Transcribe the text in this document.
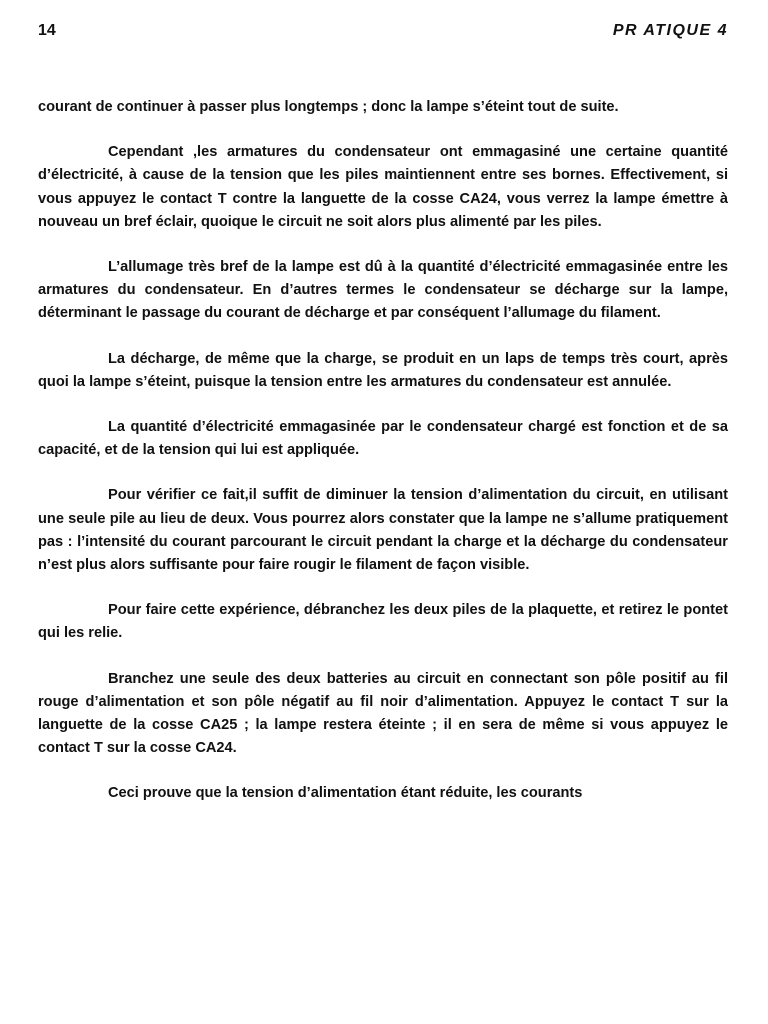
14	PR ATIQUE 4

courant de continuer à passer plus longtemps ; donc la lampe s’éteint tout de suite.

Cependant ,les armatures du condensateur ont emmagasiné une certaine quantité d’électricité, à cause de la tension que les piles maintiennent entre ses bornes. Effectivement, si vous appuyez le contact T contre la languette de la cosse CA24, vous verrez la lampe émettre à nouveau un bref éclair, quoique le circuit ne soit alors plus alimenté par les piles.

L’allumage très bref de la lampe est dû à la quantité d’électricité emmagasinée entre les armatures du condensateur. En d’autres termes le condensateur se décharge sur la lampe, déterminant le passage du courant de décharge et par conséquent l’allumage du filament.

La décharge, de même que la charge, se produit en un laps de temps très court, après quoi la lampe s’éteint, puisque la tension entre les armatures du condensateur est annulée.

La quantité d’électricité emmagasinée par le condensateur chargé est fonction et de sa capacité, et de la tension qui lui est appliquée.

Pour vérifier ce fait,il suffit de diminuer la tension d’alimentation du circuit, en utilisant une seule pile au lieu de deux. Vous pourrez alors constater que la lampe ne s’allume pratiquement pas : l’intensité du courant parcourant le circuit pendant la charge et la décharge du condensateur n’est plus alors suffisante pour faire rougir le filament de façon visible.

Pour faire cette expérience, débranchez les deux piles de la plaquette, et retirez le pontet qui les relie.

Branchez une seule des deux batteries au circuit en connectant son pôle positif au fil rouge d’alimentation et son pôle négatif au fil noir d’alimentation. Appuyez le contact T sur la languette de la cosse CA25 ; la lampe restera éteinte ; il en sera de même si vous appuyez le contact T sur la cosse CA24.

Ceci prouve que la tension d’alimentation étant réduite, les courants
